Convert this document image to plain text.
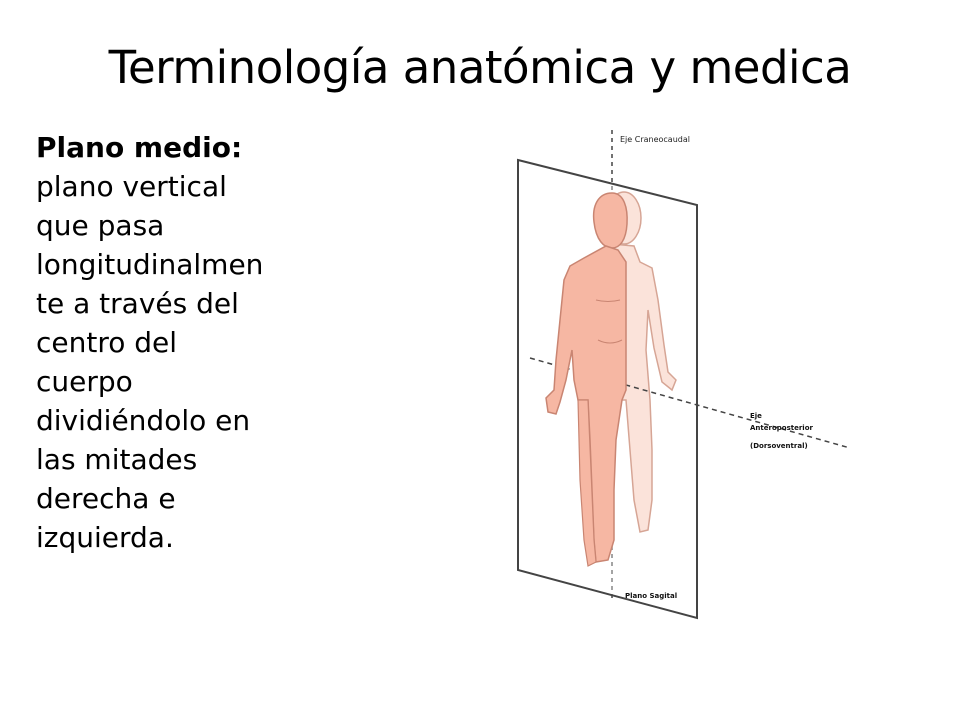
Terminología anatómica y medica
Plano medio:
plano vertical
que pasa
longitudinalmen
te a través del
centro del
cuerpo
dividiéndolo en
las mitades
derecha e
izquierda.
Eje Craneocaudal
Eje
Anteroposterior
(Dorsoventral)
Plano Sagital
